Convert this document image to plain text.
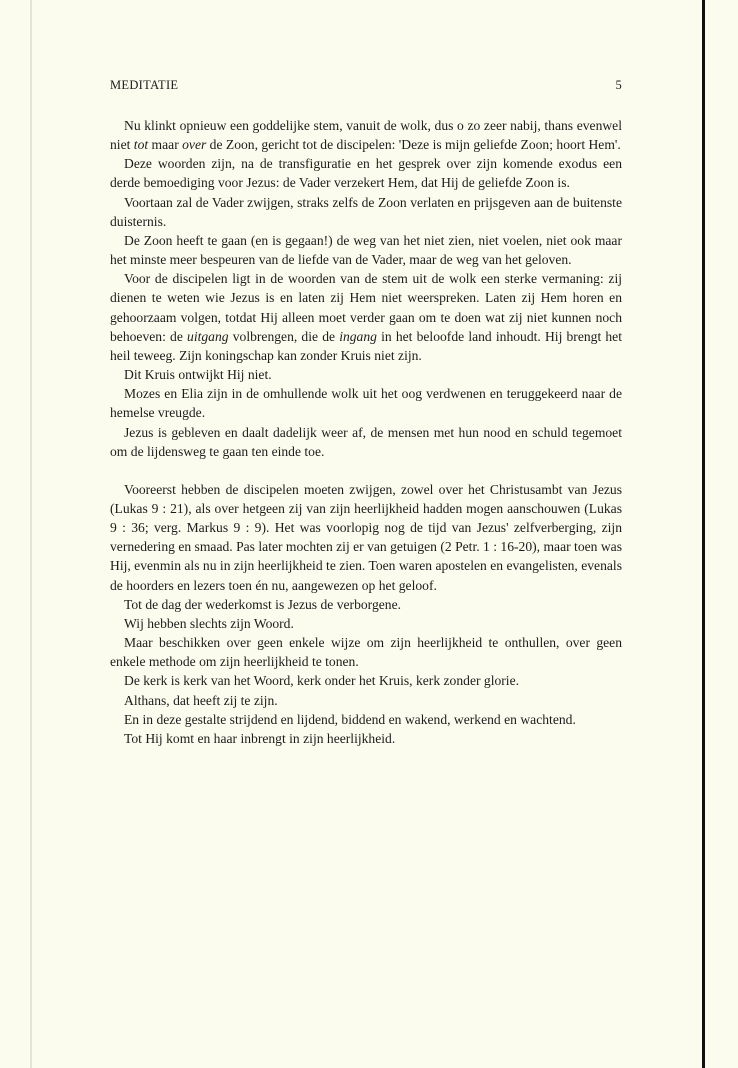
MEDITATIE	5

Nu klinkt opnieuw een goddelijke stem, vanuit de wolk, dus o zo zeer nabij, thans evenwel niet tot maar over de Zoon, gericht tot de discipelen: 'Deze is mijn geliefde Zoon; hoort Hem'.

Deze woorden zijn, na de transfiguratie en het gesprek over zijn komende exodus een derde bemoediging voor Jezus: de Vader verzekert Hem, dat Hij de geliefde Zoon is.

Voortaan zal de Vader zwijgen, straks zelfs de Zoon verlaten en prijsgeven aan de buitenste duisternis.

De Zoon heeft te gaan (en is gegaan!) de weg van het niet zien, niet voelen, niet ook maar het minste meer bespeuren van de liefde van de Vader, maar de weg van het geloven.

Voor de discipelen ligt in de woorden van de stem uit de wolk een sterke vermaning: zij dienen te weten wie Jezus is en laten zij Hem niet weerspreken. Laten zij Hem horen en gehoorzaam volgen, totdat Hij alleen moet verder gaan om te doen wat zij niet kunnen noch behoeven: de uitgang volbrengen, die de ingang in het beloofde land inhoudt. Hij brengt het heil teweeg. Zijn koningschap kan zonder Kruis niet zijn.

Dit Kruis ontwijkt Hij niet.

Mozes en Elia zijn in de omhullende wolk uit het oog verdwenen en teruggekeerd naar de hemelse vreugde.

Jezus is gebleven en daalt dadelijk weer af, de mensen met hun nood en schuld tegemoet om de lijdensweg te gaan ten einde toe.

Vooreerst hebben de discipelen moeten zwijgen, zowel over het Christusambt van Jezus (Lukas 9 : 21), als over hetgeen zij van zijn heerlijkheid hadden mogen aanschouwen (Lukas 9 : 36; verg. Markus 9 : 9). Het was voorlopig nog de tijd van Jezus' zelfverberging, zijn vernedering en smaad. Pas later mochten zij er van getuigen (2 Petr. 1 : 16-20), maar toen was Hij, evenmin als nu in zijn heerlijkheid te zien. Toen waren apostelen en evangelisten, evenals de hoorders en lezers toen én nu, aangewezen op het geloof.

Tot de dag der wederkomst is Jezus de verborgene.

Wij hebben slechts zijn Woord.

Maar beschikken over geen enkele wijze om zijn heerlijkheid te onthullen, over geen enkele methode om zijn heerlijkheid te tonen.

De kerk is kerk van het Woord, kerk onder het Kruis, kerk zonder glorie.

Althans, dat heeft zij te zijn.

En in deze gestalte strijdend en lijdend, biddend en wakend, werkend en wachtend.

Tot Hij komt en haar inbrengt in zijn heerlijkheid.
